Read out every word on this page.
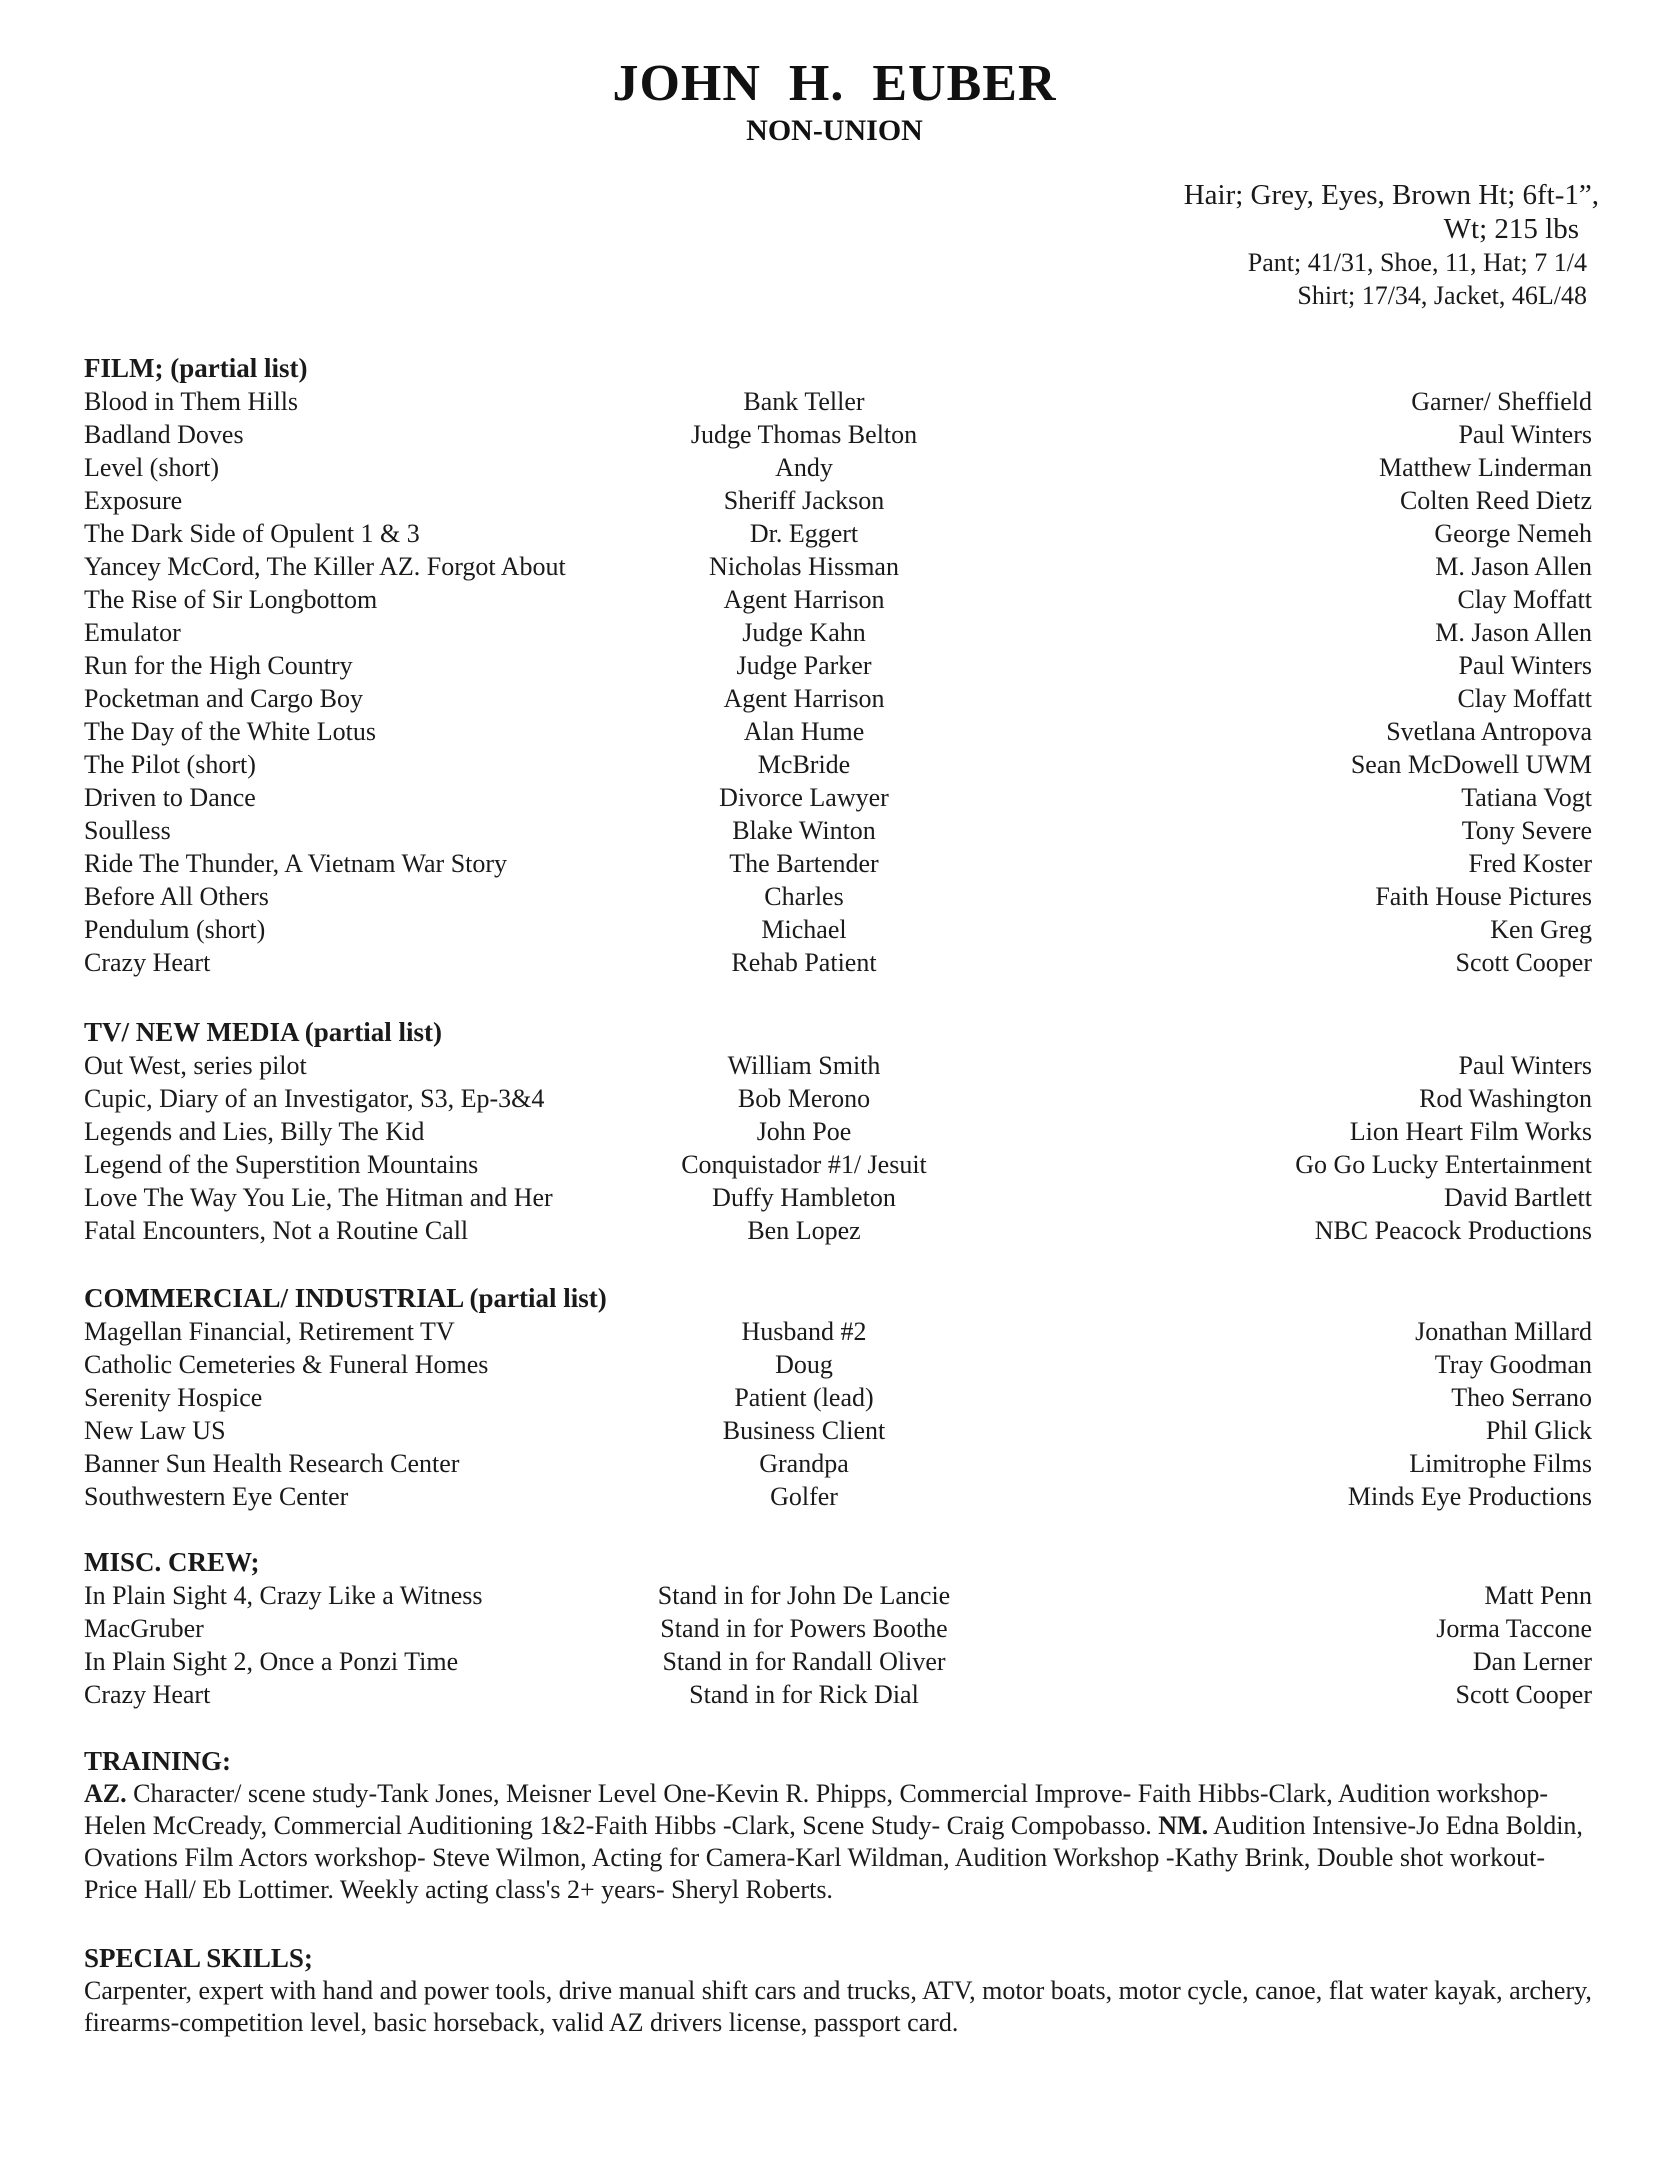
JOHN H. EUBER
NON-UNION
Hair; Grey, Eyes, Brown Ht; 6ft-1”,
Wt; 215 lbs
Pant; 41/31, Shoe, 11, Hat; 7 1/4
Shirt; 17/34, Jacket, 46L/48
FILM; (partial list)
Blood in Them Hills	Bank Teller	Garner/ Sheffield
Badland Doves	Judge Thomas Belton	Paul Winters
Level (short)	Andy	Matthew Linderman
Exposure	Sheriff Jackson	Colten Reed Dietz
The Dark Side of Opulent 1 & 3	Dr. Eggert	George Nemeh
Yancey McCord, The Killer AZ. Forgot About	Nicholas Hissman	M. Jason Allen
The Rise of Sir Longbottom	Agent Harrison	Clay Moffatt
Emulator	Judge Kahn	M. Jason Allen
Run for the High Country	Judge Parker	Paul Winters
Pocketman and Cargo Boy	Agent Harrison	Clay Moffatt
The Day of the White Lotus	Alan Hume	Svetlana Antropova
The Pilot (short)	McBride	Sean McDowell UWM
Driven to Dance	Divorce Lawyer	Tatiana Vogt
Soulless	Blake Winton	Tony Severe
Ride The Thunder, A Vietnam War Story	The Bartender	Fred Koster
Before All Others	Charles	Faith House Pictures
Pendulum (short)	Michael	Ken Greg
Crazy Heart	Rehab Patient	Scott Cooper
TV/ NEW MEDIA (partial list)
Out West, series pilot	William Smith	Paul Winters
Cupic, Diary of an Investigator, S3, Ep-3&4	Bob Merono	Rod Washington
Legends and Lies, Billy The Kid	John Poe	Lion Heart Film Works
Legend of the Superstition Mountains	Conquistador #1/ Jesuit	Go Go Lucky Entertainment
Love The Way You Lie, The Hitman and Her	Duffy Hambleton	David Bartlett
Fatal Encounters, Not a Routine Call	Ben Lopez	NBC Peacock Productions
COMMERCIAL/ INDUSTRIAL (partial list)
Magellan Financial, Retirement TV	Husband #2	Jonathan Millard
Catholic Cemeteries & Funeral Homes	Doug	Tray Goodman
Serenity Hospice	Patient (lead)	Theo Serrano
New Law US	Business Client	Phil Glick
Banner Sun Health Research Center	Grandpa	Limitrophe Films
Southwestern Eye Center	Golfer	Minds Eye Productions
MISC. CREW;
In Plain Sight 4, Crazy Like a Witness	Stand in for John De Lancie	Matt Penn
MacGruber	Stand in for Powers Boothe	Jorma Taccone
In Plain Sight 2, Once a Ponzi Time	Stand in for Randall Oliver	Dan Lerner
Crazy Heart	Stand in for Rick Dial	Scott Cooper
TRAINING:
AZ. Character/ scene study-Tank Jones, Meisner Level One-Kevin R. Phipps, Commercial Improve- Faith Hibbs-Clark, Audition workshop-Helen McCready, Commercial Auditioning 1&2-Faith Hibbs -Clark, Scene Study- Craig Compobasso. NM. Audition Intensive-Jo Edna Boldin, Ovations Film Actors workshop- Steve Wilmon, Acting for Camera-Karl Wildman, Audition Workshop -Kathy Brink, Double shot workout-Price Hall/ Eb Lottimer. Weekly acting class's 2+ years- Sheryl Roberts.
SPECIAL SKILLS;
Carpenter, expert with hand and power tools, drive manual shift cars and trucks, ATV, motor boats, motor cycle, canoe, flat water kayak, archery, firearms-competition level, basic horseback, valid AZ drivers license, passport card.
